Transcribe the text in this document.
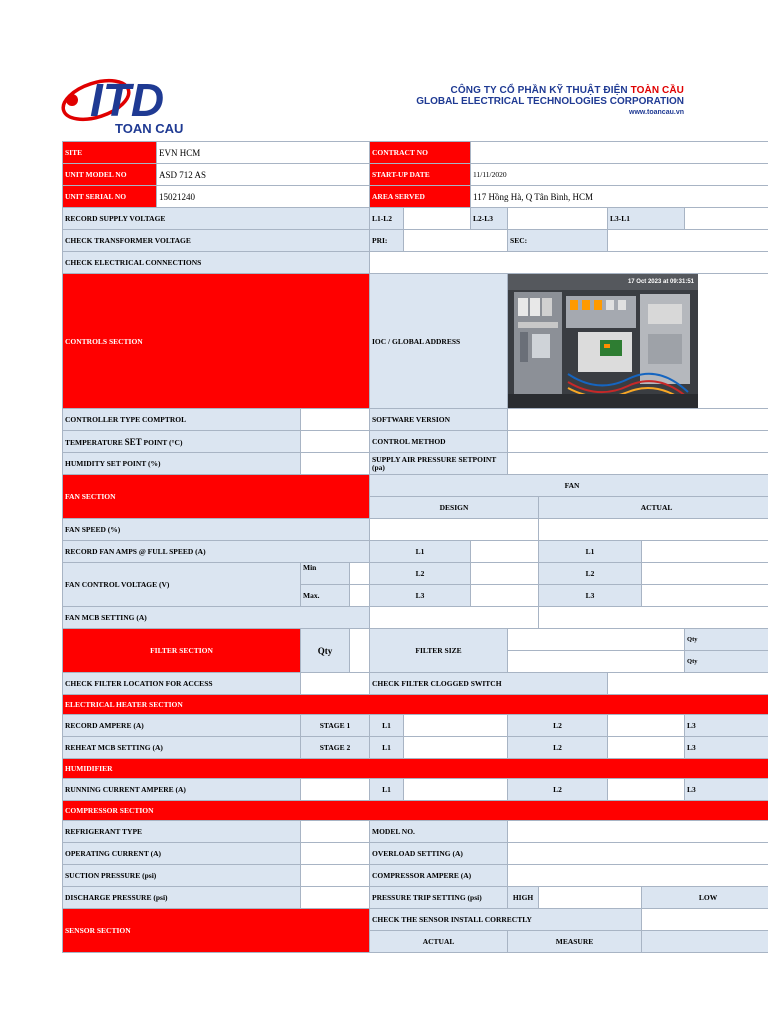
ITD
TOAN CAU
CÔNG TY CỔ PHẦN KỸ THUẬT ĐIỆN TOÀN CẦU
GLOBAL ELECTRICAL TECHNOLOGIES CORPORATION
www.toancau.vn
SITE	EVN HCM			CONTRACT NO							
UNIT MODEL NO	ASD 712 AS			START-UP DATE		11/11/2020					
UNIT SERIAL NO	15021240			AREA SERVED		117 Hồng Hà, Q Tân Bình, HCM					
RECORD SUPPLY VOLTAGE				L1-L2		L2-L3			L3-L1		
CHECK TRANSFORMER VOLTAGE				PRI:			SEC:				
CHECK ELECTRICAL CONNECTIONS											
CONTROLS SECTION				IOC / GLOBAL ADDRESS			17 Oct 2023 at 09:31:51				

CONTROLLER TYPE COMPTROL				SOFTWARE VERSION							
TEMPERATURE SET POINT (°C)				CONTROL METHOD							
HUMIDITY SET POINT (%)				SUPPLY AIR PRESSURE SETPOINT (pa)							
FAN SECTION				FAN							
				DESIGN				ACTUAL			
FAN SPEED (%)											
RECORD FAN AMPS @ FULL SPEED (A)				L1				L1			
FAN CONTROL VOLTAGE (V)		Min		L2				L2			
		Max.		L3				L3			
FAN MCB SETTING (A)											
FILTER SECTION		Qty		FILTER SIZE							Qty
											Qty
CHECK FILTER LOCATION FOR ACCESS				CHECK FILTER CLOGGED SWITCH							
ELECTRICAL HEATER SECTION											
RECORD AMPERE (A)		STAGE 1		L1			L2				L3
REHEAT MCB SETTING (A)		STAGE 2		L1			L2				L3
HUMIDIFIER											
RUNNING CURRENT AMPERE (A)				L1			L2				L3
COMPRESSOR SECTION											
REFRIGERANT TYPE				MODEL NO.							
OPERATING CURRENT (A)				OVERLOAD SETTING (A)							
SUCTION PRESSURE (psi)				COMPRESSOR AMPERE (A)							
DISCHARGE PRESSURE (psi)				PRESSURE TRIP SETTING (psi)			HIGH			LOW	
SENSOR SECTION				CHECK THE SENSOR INSTALL CORRECTLY							
				ACTUAL			MEASURE				
